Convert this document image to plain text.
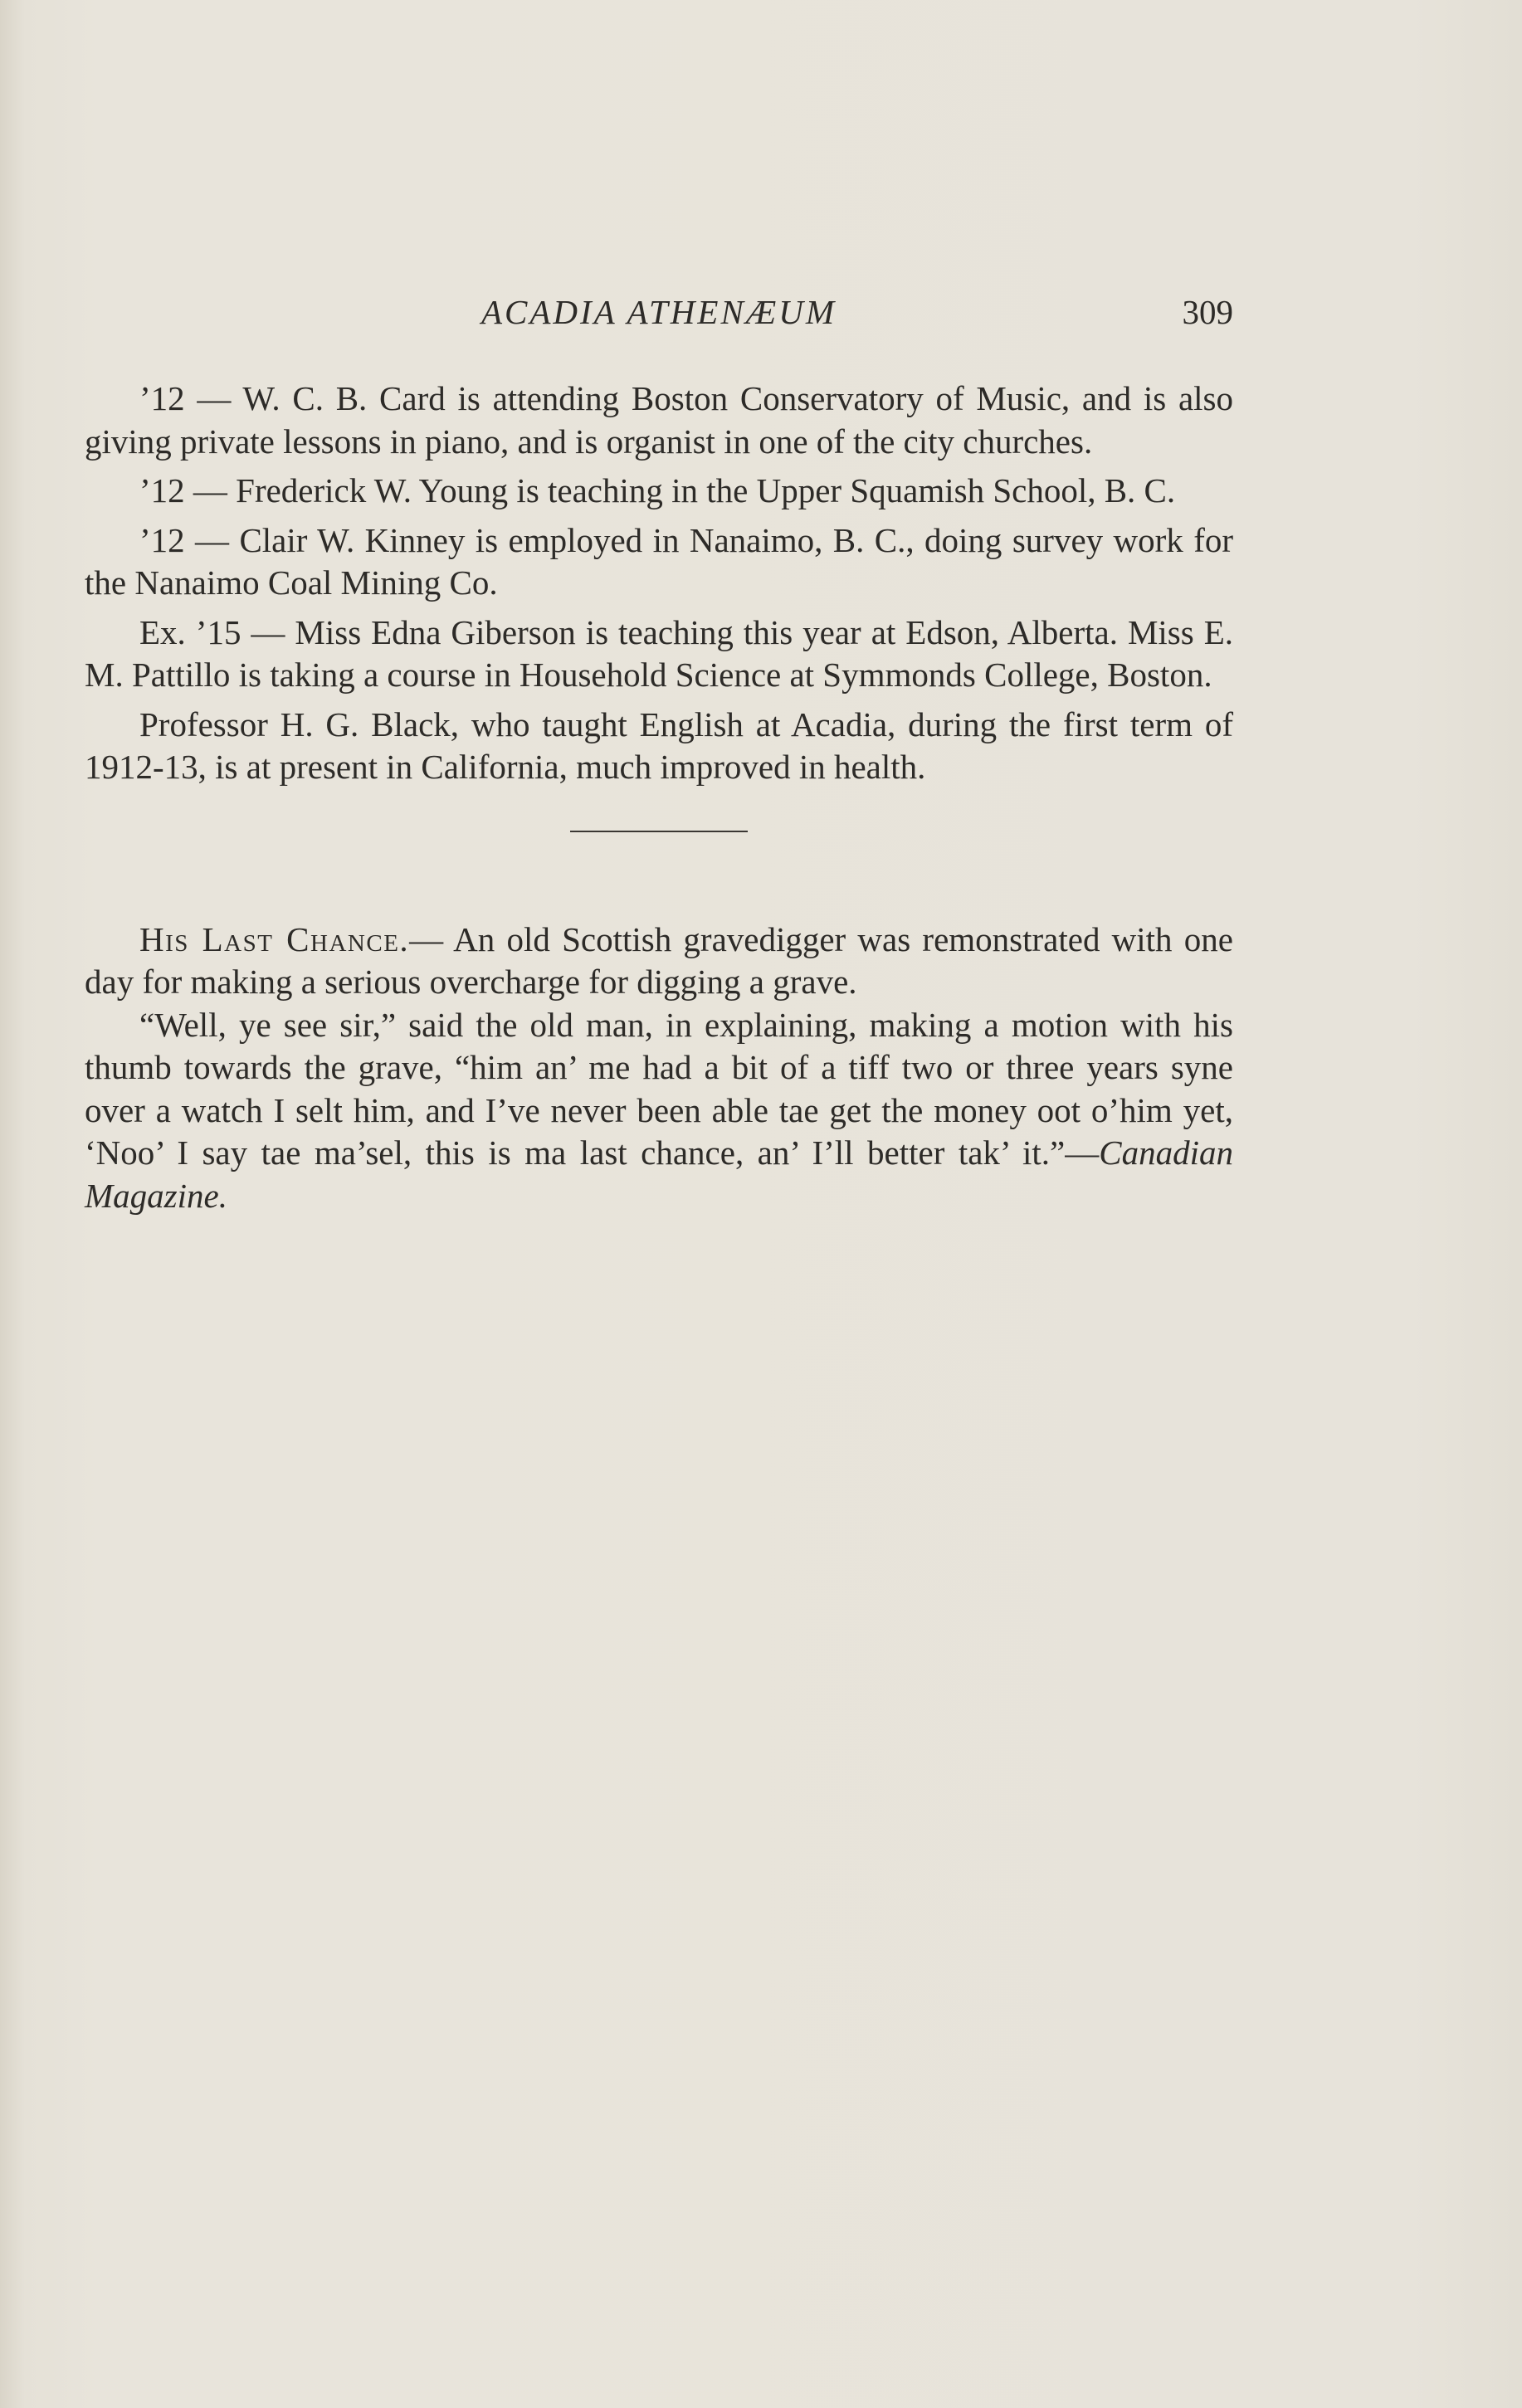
ACADIA ATHENÆUM	309

’12 — W. C. B. Card is attending Boston Conservatory of Music, and is also giving private lessons in piano, and is organist in one of the city churches.

’12 — Frederick W. Young is teaching in the Upper Squamish School, B. C.

’12 — Clair W. Kinney is employed in Nanaimo, B. C., doing survey work for the Nanaimo Coal Mining Co.

Ex. ’15 — Miss Edna Giberson is teaching this year at Edson, Alberta. Miss E. M. Pattillo is taking a course in Household Science at Symmonds College, Boston.

Professor H. G. Black, who taught English at Acadia, during the first term of 1912-13, is at present in California, much improved in health.

His Last Chance.— An old Scottish gravedigger was remonstrated with one day for making a serious overcharge for digging a grave.

“Well, ye see sir,” said the old man, in explaining, making a motion with his thumb towards the grave, “him an’ me had a bit of a tiff two or three years syne over a watch I selt him, and I’ve never been able tae get the money oot o’him yet, ‘Noo’ I say tae ma’sel, this is ma last chance, an’ I’ll better tak’ it.”—Canadian Magazine.
